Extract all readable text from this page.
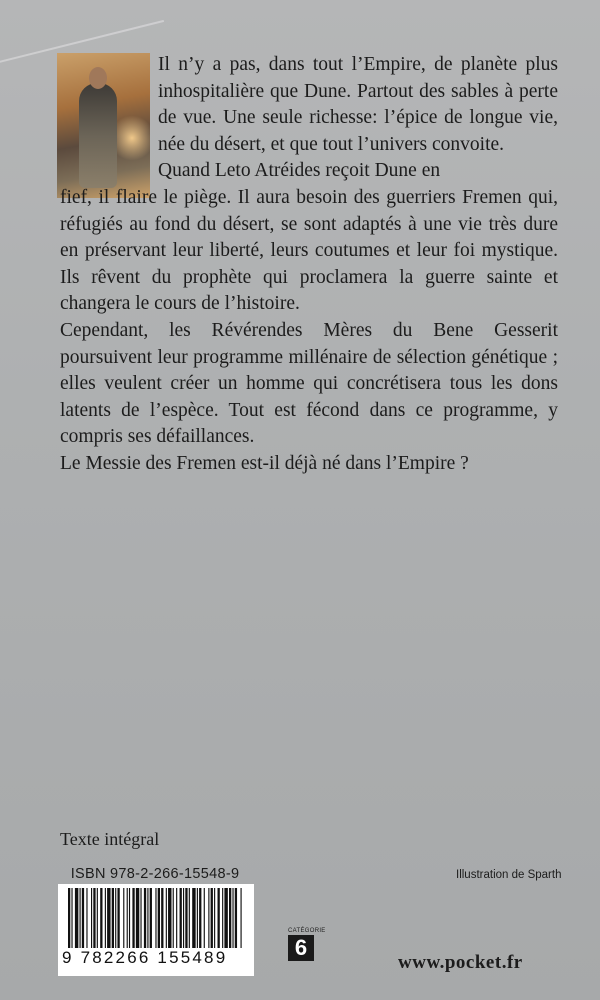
Il n’y a pas, dans tout l’Empire, de planète plus inhospitalière que Dune. Partout des sables à perte de vue. Une seule richesse: l’épice de longue vie, née du désert, et que tout l’univers convoite.

Quand Leto Atréides reçoit Dune en

fief, il flaire le piège. Il aura besoin des guerriers Fremen qui, réfugiés au fond du désert, se sont adaptés à une vie très dure en préservant leur liberté, leurs coutumes et leur foi mystique. Ils rêvent du prophète qui proclamera la guerre sainte et changera le cours de l’histoire.

Cependant, les Révérendes Mères du Bene Gesserit poursuivent leur programme millénaire de sélection génétique ; elles veulent créer un homme qui concrétisera tous les dons latents de l’espèce. Tout est fécond dans ce programme, y compris ses défaillances.

Le Messie des Fremen est-il déjà né dans l’Empire ?

Texte intégral
ISBN 978-2-266-15548-9
9 782266 155489
Illustration de Sparth
CATÉGORIE
6
www.pocket.fr
